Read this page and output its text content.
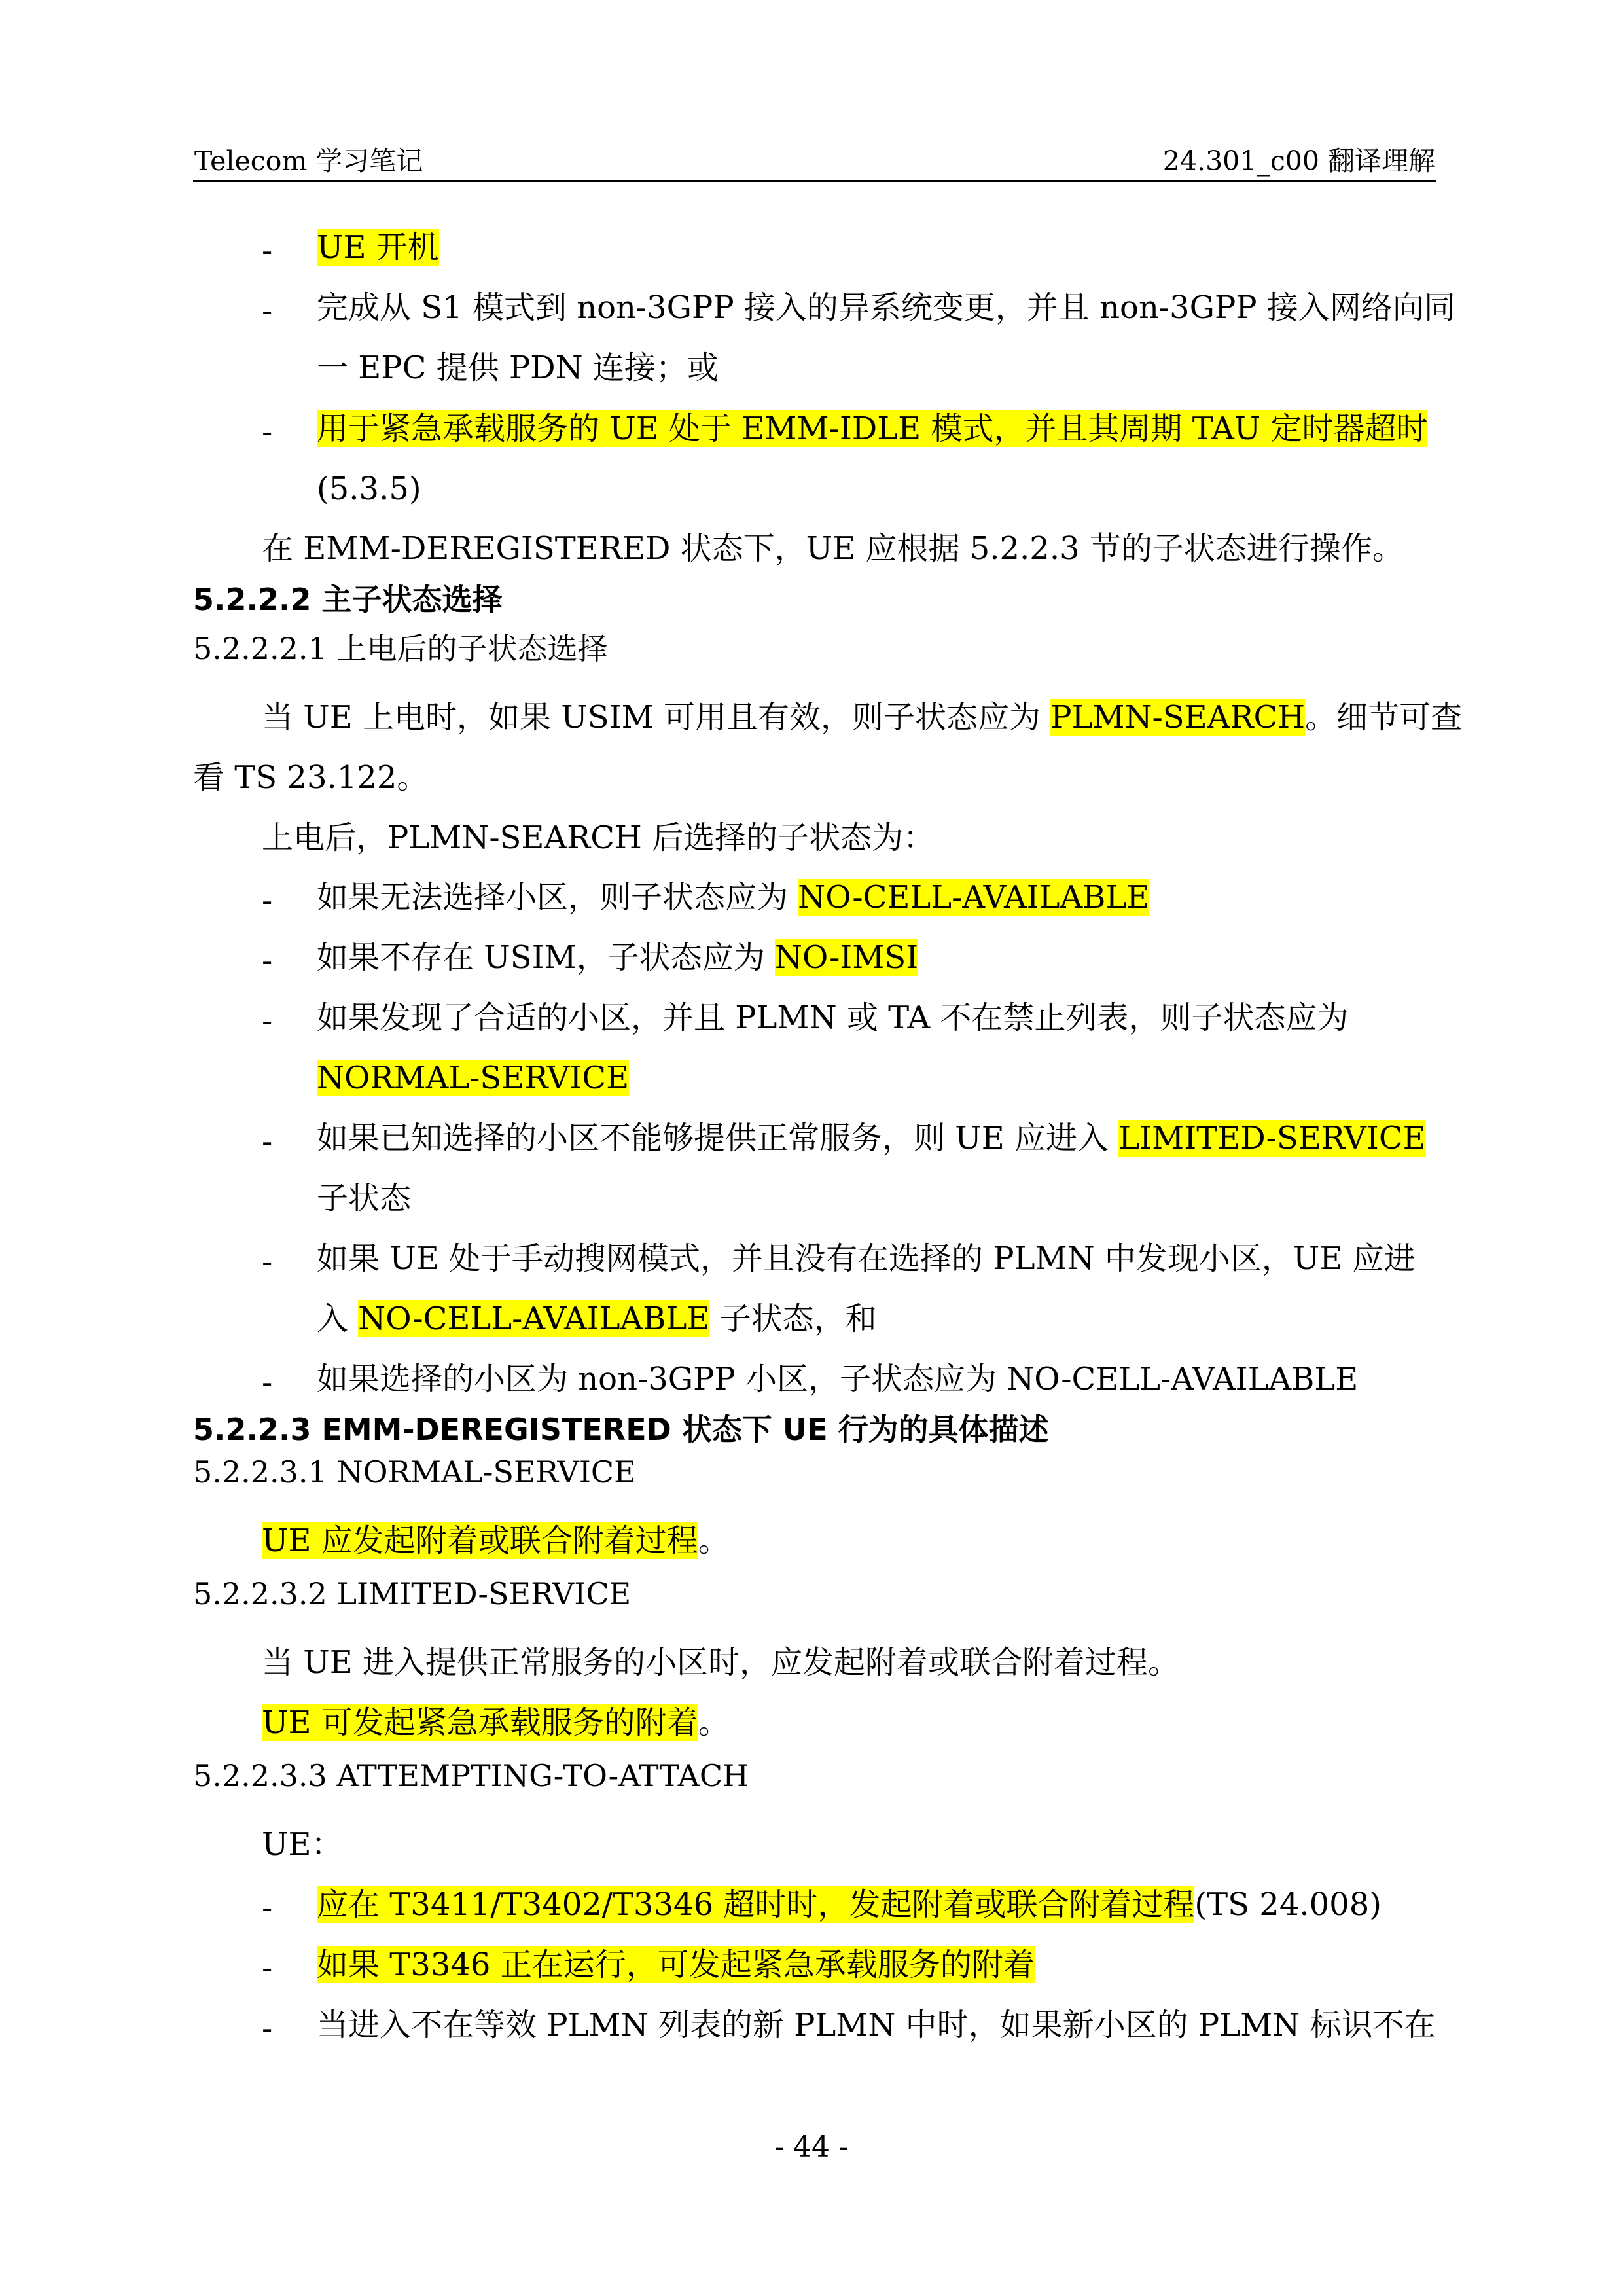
Telecom 学习笔记	24.301_c00 翻译理解
- UE 开机
- 完成从 S1 模式到 non-3GPP 接入的异系统变更，并且 non-3GPP 接入网络向同
一 EPC 提供 PDN 连接；或
- 用于紧急承载服务的 UE 处于 EMM-IDLE 模式，并且其周期 TAU 定时器超时
(5.3.5)
在 EMM-DEREGISTERED 状态下，UE 应根据 5.2.2.3 节的子状态进行操作。
5.2.2.2 主子状态选择
5.2.2.2.1 上电后的子状态选择
当 UE 上电时，如果 USIM 可用且有效，则子状态应为 PLMN-SEARCH。细节可查
看 TS 23.122。
上电后，PLMN-SEARCH 后选择的子状态为：
- 如果无法选择小区，则子状态应为 NO-CELL-AVAILABLE
- 如果不存在 USIM，子状态应为 NO-IMSI
- 如果发现了合适的小区，并且 PLMN 或 TA 不在禁止列表，则子状态应为
NORMAL-SERVICE
- 如果已知选择的小区不能够提供正常服务，则 UE 应进入 LIMITED-SERVICE
子状态
- 如果 UE 处于手动搜网模式，并且没有在选择的 PLMN 中发现小区，UE 应进
入 NO-CELL-AVAILABLE 子状态，和
- 如果选择的小区为 non-3GPP 小区，子状态应为 NO-CELL-AVAILABLE
5.2.2.3 EMM-DEREGISTERED 状态下 UE 行为的具体描述
5.2.2.3.1 NORMAL-SERVICE
UE 应发起附着或联合附着过程。
5.2.2.3.2 LIMITED-SERVICE
当 UE 进入提供正常服务的小区时，应发起附着或联合附着过程。
UE 可发起紧急承载服务的附着。
5.2.2.3.3 ATTEMPTING-TO-ATTACH
UE：
- 应在 T3411/T3402/T3346 超时时，发起附着或联合附着过程(TS 24.008)
- 如果 T3346 正在运行，可发起紧急承载服务的附着
- 当进入不在等效 PLMN 列表的新 PLMN 中时，如果新小区的 PLMN 标识不在
- 44 -
